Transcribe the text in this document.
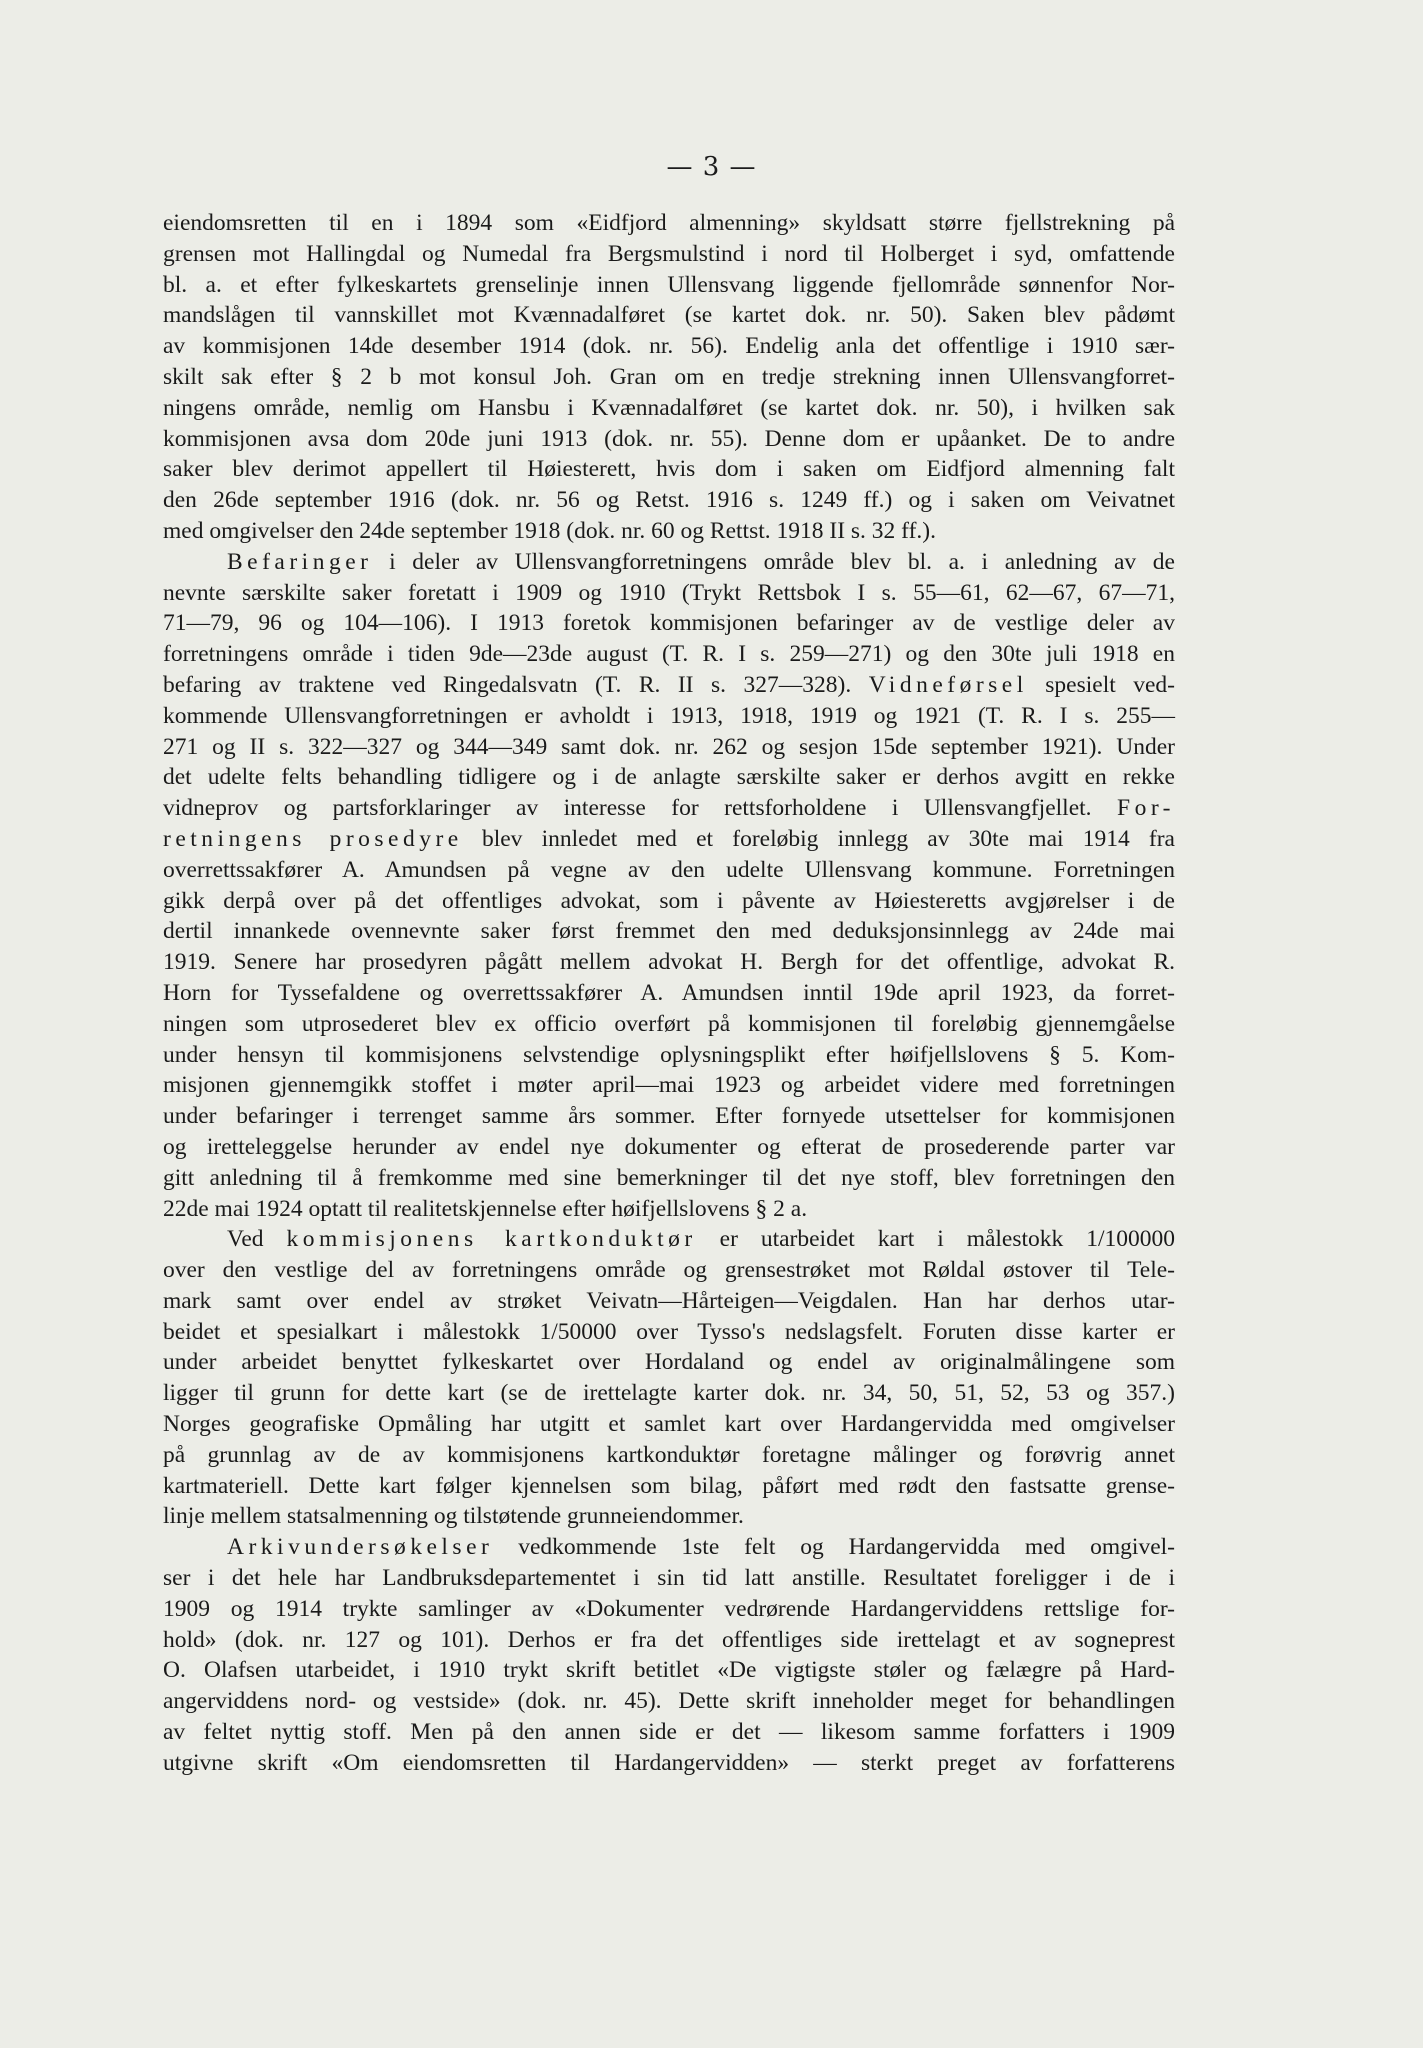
— 3 —

eiendomsretten til en i 1894 som «Eidfjord almenning» skyldsatt større fjellstrekning på

grensen mot Hallingdal og Numedal fra Bergsmulstind i nord til Holberget i syd, omfattende

bl. a. et efter fylkeskartets grenselinje innen Ullensvang liggende fjellområde sønnenfor Nor-

mandslågen til vannskillet mot Kvænnadalføret (se kartet dok. nr. 50). Saken blev pådømt

av kommisjonen 14de desember 1914 (dok. nr. 56). Endelig anla det offentlige i 1910 sær-

skilt sak efter § 2 b mot konsul Joh. Gran om en tredje strekning innen Ullensvangforret-

ningens område, nemlig om Hansbu i Kvænnadalføret (se kartet dok. nr. 50), i hvilken sak

kommisjonen avsa dom 20de juni 1913 (dok. nr. 55). Denne dom er upåanket. De to andre

saker blev derimot appellert til Høiesterett, hvis dom i saken om Eidfjord almenning falt

den 26de september 1916 (dok. nr. 56 og Retst. 1916 s. 1249 ff.) og i saken om Veivatnet

med omgivelser den 24de september 1918 (dok. nr. 60 og Rettst. 1918 II s. 32 ff.).

Befaringer i deler av Ullensvangforretningens område blev bl. a. i anledning av de

nevnte særskilte saker foretatt i 1909 og 1910 (Trykt Rettsbok I s. 55—61, 62—67, 67—71,

71—79, 96 og 104—106). I 1913 foretok kommisjonen befaringer av de vestlige deler av

forretningens område i tiden 9de—23de august (T. R. I s. 259—271) og den 30te juli 1918 en

befaring av traktene ved Ringedalsvatn (T. R. II s. 327—328). Vidneførsel spesielt ved-

kommende Ullensvangforretningen er avholdt i 1913, 1918, 1919 og 1921 (T. R. I s. 255—

271 og II s. 322—327 og 344—349 samt dok. nr. 262 og sesjon 15de september 1921). Under

det udelte felts behandling tidligere og i de anlagte særskilte saker er derhos avgitt en rekke

vidneprov og partsforklaringer av interesse for rettsforholdene i Ullensvangfjellet. For-

retningens prosedyre blev innledet med et foreløbig innlegg av 30te mai 1914 fra

overrettssakfører A. Amundsen på vegne av den udelte Ullensvang kommune. Forretningen

gikk derpå over på det offentliges advokat, som i påvente av Høiesteretts avgjørelser i de

dertil innankede ovennevnte saker først fremmet den med deduksjonsinnlegg av 24de mai

1919. Senere har prosedyren pågått mellem advokat H. Bergh for det offentlige, advokat R.

Horn for Tyssefaldene og overrettssakfører A. Amundsen inntil 19de april 1923, da forret-

ningen som utprosederet blev ex officio overført på kommisjonen til foreløbig gjennemgåelse

under hensyn til kommisjonens selvstendige oplysningsplikt efter høifjellslovens § 5. Kom-

misjonen gjennemgikk stoffet i møter april—mai 1923 og arbeidet videre med forretningen

under befaringer i terrenget samme års sommer. Efter fornyede utsettelser for kommisjonen

og iretteleggelse herunder av endel nye dokumenter og efterat de prosederende parter var

gitt anledning til å fremkomme med sine bemerkninger til det nye stoff, blev forretningen den

22de mai 1924 optatt til realitetskjennelse efter høifjellslovens § 2 a.

Ved kommisjonens kartkonduktør er utarbeidet kart i målestokk 1/100000

over den vestlige del av forretningens område og grensestrøket mot Røldal østover til Tele-

mark samt over endel av strøket Veivatn—Hårteigen—Veigdalen. Han har derhos utar-

beidet et spesialkart i målestokk 1/50000 over Tysso's nedslagsfelt. Foruten disse karter er

under arbeidet benyttet fylkeskartet over Hordaland og endel av originalmålingene som

ligger til grunn for dette kart (se de irettelagte karter dok. nr. 34, 50, 51, 52, 53 og 357.)

Norges geografiske Opmåling har utgitt et samlet kart over Hardangervidda med omgivelser

på grunnlag av de av kommisjonens kartkonduktør foretagne målinger og forøvrig annet

kartmateriell. Dette kart følger kjennelsen som bilag, påført med rødt den fastsatte grense-

linje mellem statsalmenning og tilstøtende grunneiendommer.

Arkivundersøkelser vedkommende 1ste felt og Hardangervidda med omgivel-

ser i det hele har Landbruksdepartementet i sin tid latt anstille. Resultatet foreligger i de i

1909 og 1914 trykte samlinger av «Dokumenter vedrørende Hardangerviddens rettslige for-

hold» (dok. nr. 127 og 101). Derhos er fra det offentliges side irettelagt et av sogneprest

O. Olafsen utarbeidet, i 1910 trykt skrift betitlet «De vigtigste støler og fælægre på Hard-

angerviddens nord- og vestside» (dok. nr. 45). Dette skrift inneholder meget for behandlingen

av feltet nyttig stoff. Men på den annen side er det — likesom samme forfatters i 1909

utgivne skrift «Om eiendomsretten til Hardangervidden» — sterkt preget av forfatterens
